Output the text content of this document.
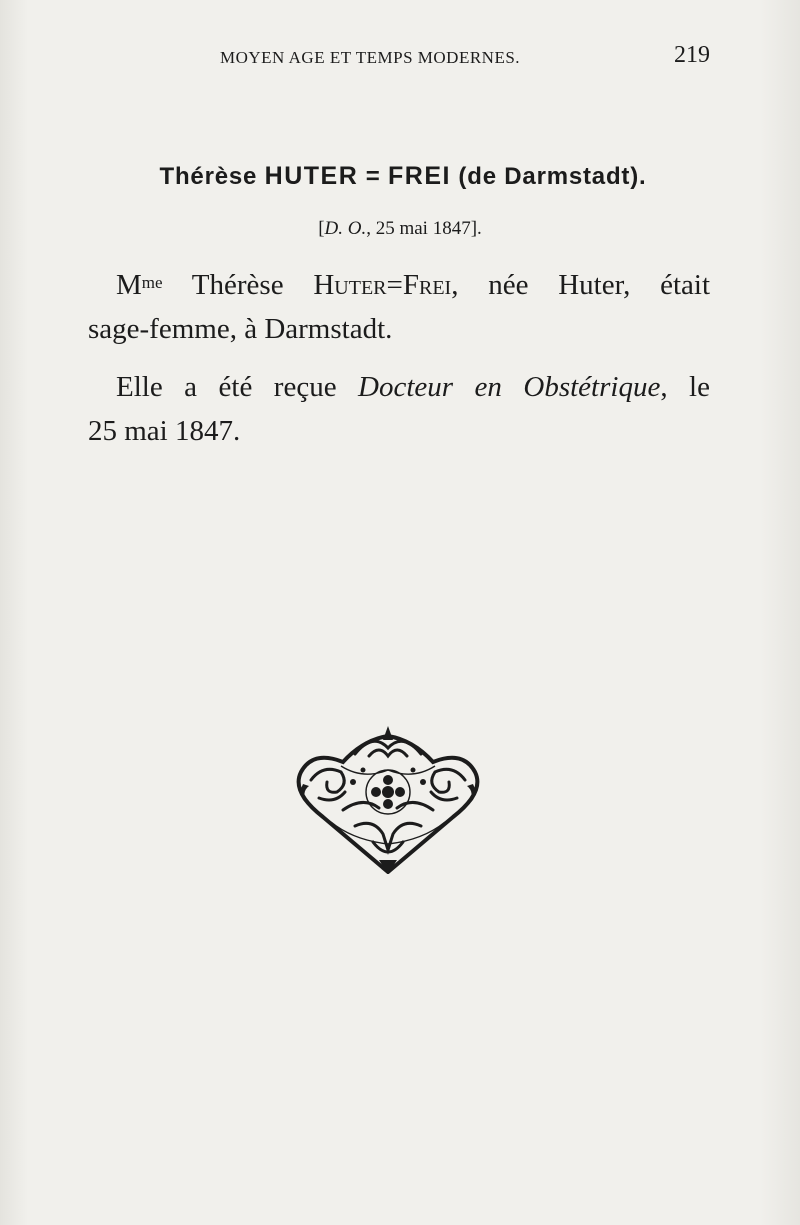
MOYEN AGE ET TEMPS MODERNES.	219
Thérèse HUTER = FREI (de Darmstadt).
[D. O., 25 mai 1847].
$M^{me}$ Thérèse Huter=Frei, née Huter, était
sage-femme, à Darmstadt.
Elle a été reçue Docteur en Obstétrique, le
25 mai 1847.
